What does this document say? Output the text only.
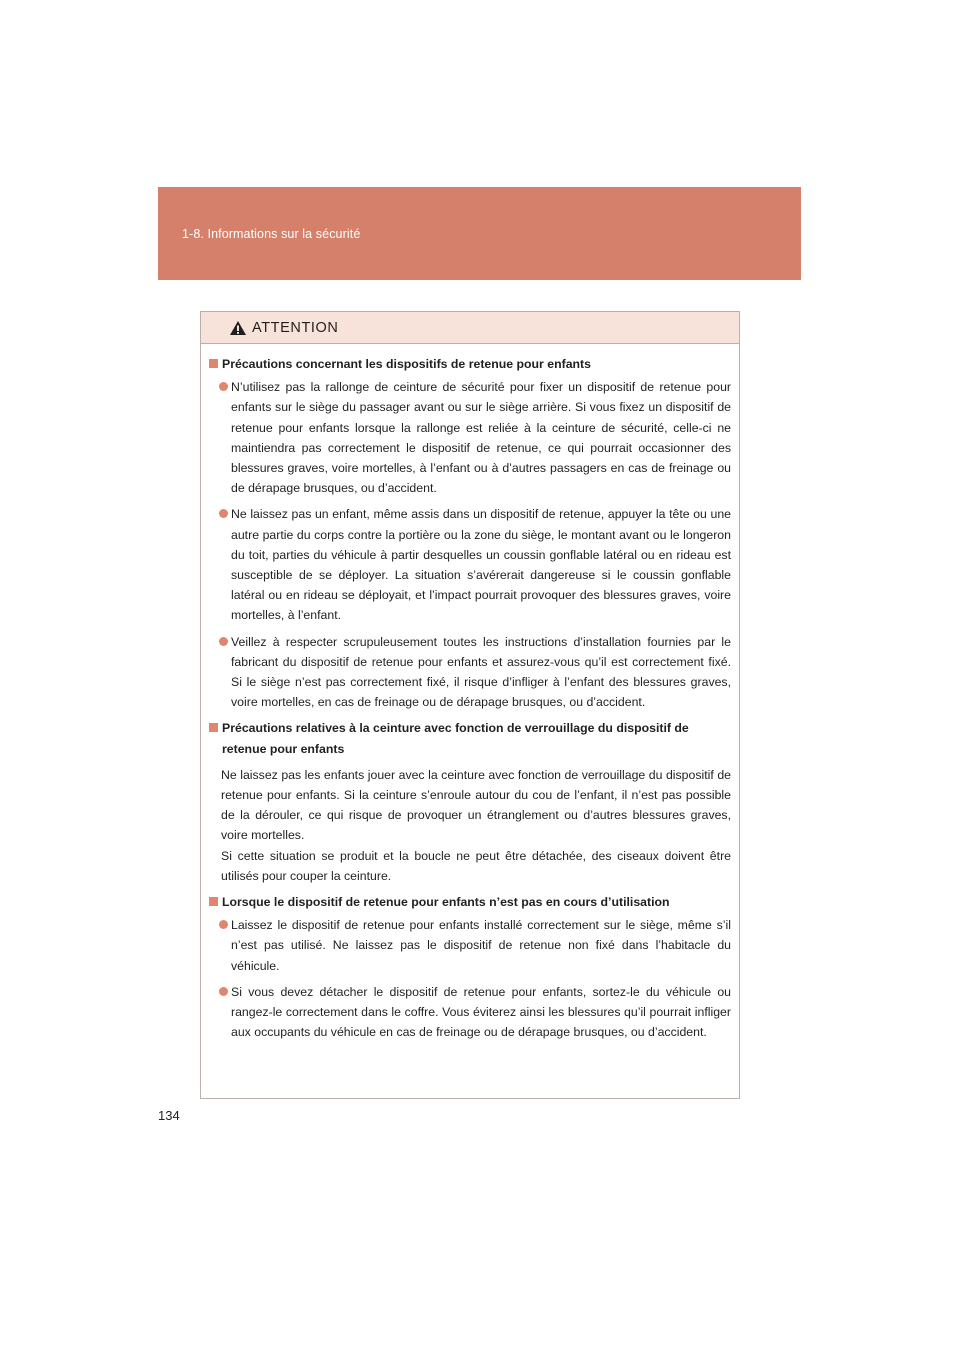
1-8. Informations sur la sécurité
ATTENTION
Précautions concernant les dispositifs de retenue pour enfants
N’utilisez pas la rallonge de ceinture de sécurité pour fixer un dispositif de retenue pour enfants sur le siège du passager avant ou sur le siège arrière. Si vous fixez un dispositif de retenue pour enfants lorsque la rallonge est reliée à la ceinture de sécurité, celle-ci ne maintiendra pas correctement le dispositif de retenue, ce qui pourrait occasionner des blessures graves, voire mortelles, à l’enfant ou à d’autres passagers en cas de freinage ou de dérapage brusques, ou d’accident.
Ne laissez pas un enfant, même assis dans un dispositif de retenue, appuyer la tête ou une autre partie du corps contre la portière ou la zone du siège, le montant avant ou le longeron du toit, parties du véhicule à partir desquelles un coussin gonflable latéral ou en rideau est susceptible de se déployer. La situation s’avérerait dangereuse si le coussin gonflable latéral ou en rideau se déployait, et l’impact pourrait provoquer des blessures graves, voire mortelles, à l’enfant.
Veillez à respecter scrupuleusement toutes les instructions d’installation fournies par le fabricant du dispositif de retenue pour enfants et assurez-vous qu’il est correctement fixé. Si le siège n’est pas correctement fixé, il risque d’infliger à l’enfant des blessures graves, voire mortelles, en cas de freinage ou de dérapage brusques, ou d’accident.
Précautions relatives à la ceinture avec fonction de verrouillage du dispositif de retenue pour enfants
Ne laissez pas les enfants jouer avec la ceinture avec fonction de verrouillage du dispositif de retenue pour enfants. Si la ceinture s’enroule autour du cou de l’enfant, il n’est pas possible de la dérouler, ce qui risque de provoquer un étranglement ou d’autres blessures graves, voire mortelles.
Si cette situation se produit et la boucle ne peut être détachée, des ciseaux doivent être utilisés pour couper la ceinture.
Lorsque le dispositif de retenue pour enfants n’est pas en cours d’utilisation
Laissez le dispositif de retenue pour enfants installé correctement sur le siège, même s’il n’est pas utilisé. Ne laissez pas le dispositif de retenue non fixé dans l’habitacle du véhicule.
Si vous devez détacher le dispositif de retenue pour enfants, sortez-le du véhicule ou rangez-le correctement dans le coffre. Vous éviterez ainsi les blessures qu’il pourrait infliger aux occupants du véhicule en cas de freinage ou de dérapage brusques, ou d’accident.
134
